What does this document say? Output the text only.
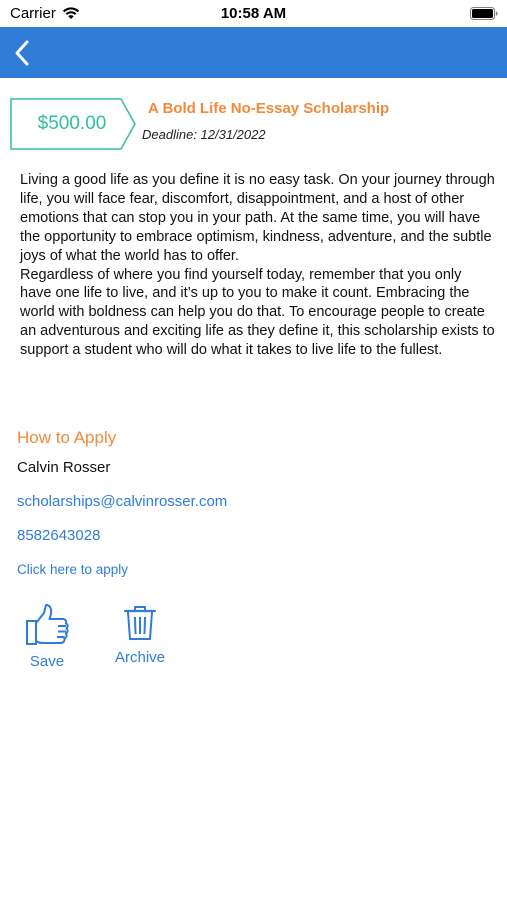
Carrier	10:58 AM
$500.00
A Bold Life No-Essay Scholarship
Deadline: 12/31/2022

Living a good life as you define it is no easy task. On your journey through life, you will face fear, discomfort, disappointment, and a host of other emotions that can stop you in your path. At the same time, you will have the opportunity to embrace optimism, kindness, adventure, and the subtle joys of what the world has to offer.

Regardless of where you find yourself today, remember that you only have one life to live, and it’s up to you to make it count. Embracing the world with boldness can help you do that. To encourage people to create an adventurous and exciting life as they define it, this scholarship exists to support a student who will do what it takes to live life to the fullest.

How to Apply
Calvin Rosser
scholarships@calvinrosser.com
8582643028
Click here to apply
Save	Archive
